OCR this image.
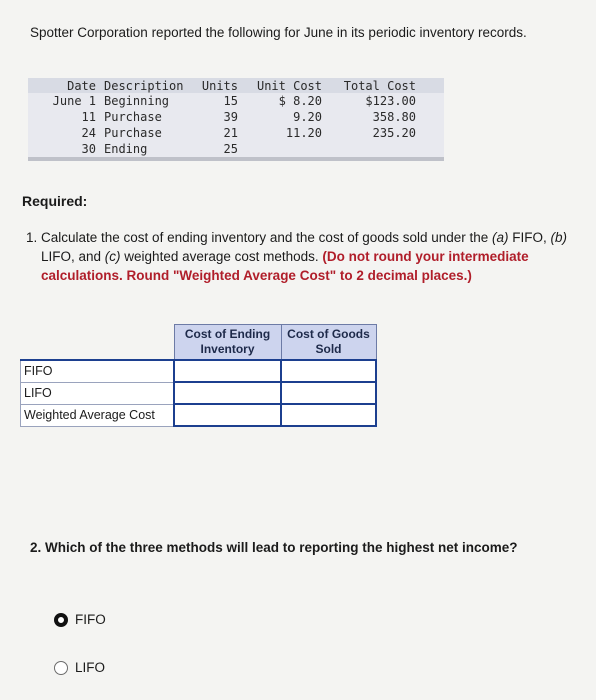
Spotter Corporation reported the following for June in its periodic inventory records.
Date	Description	Units	Unit Cost	Total Cost
June 1	Beginning	15	$ 8.20	$123.00
11	Purchase	39	9.20	358.80
24	Purchase	21	11.20	235.20
30	Ending	25		
Required:
1. Calculate the cost of ending inventory and the cost of goods sold under the (a) FIFO, (b) LIFO, and (c) weighted average cost methods. (Do not round your intermediate calculations. Round "Weighted Average Cost" to 2 decimal places.)
	Cost of Ending Inventory	Cost of Goods Sold
FIFO		
LIFO		
Weighted Average Cost		
2. Which of the three methods will lead to reporting the highest net income?
FIFO
LIFO
